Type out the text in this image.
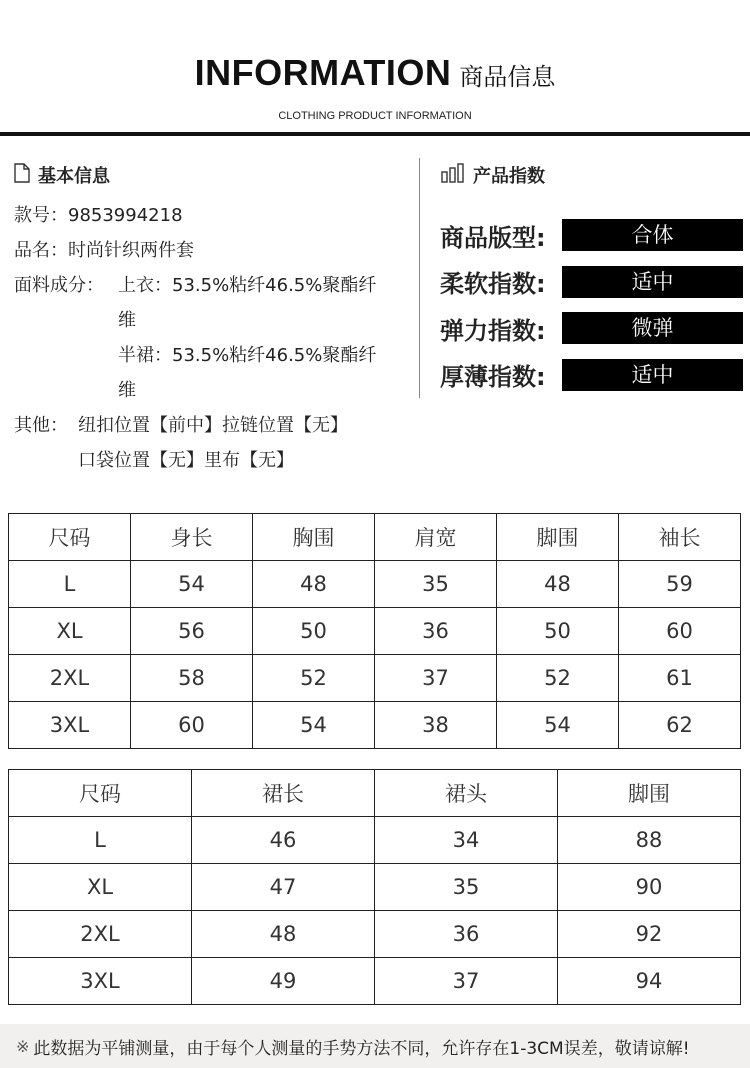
INFORMATION 商品信息
CLOTHING PRODUCT INFORMATION
基本信息
款号： 9853994218
品名： 时尚针织两件套
面料成分： 上衣：53.5%粘纤46.5%聚酯纤
维
半裙：53.5%粘纤46.5%聚酯纤
维
其他： 纽扣位置【前中】拉链位置【无】
口袋位置【无】里布【无】
产品指数
商品版型:	合体
柔软指数:	适中
弹力指数:	微弹
厚薄指数:	适中
尺码	身长	胸围	肩宽	脚围	袖长
L	54	48	35	48	59
XL	56	50	36	50	60
2XL	58	52	37	52	61
3XL	60	54	38	54	62
尺码	裙长	裙头	脚围
L	46	34	88
XL	47	35	90
2XL	48	36	92
3XL	49	37	94
※ 此数据为平铺测量，由于每个人测量的手势方法不同，允许存在1-3CM误差，敬请谅解!
